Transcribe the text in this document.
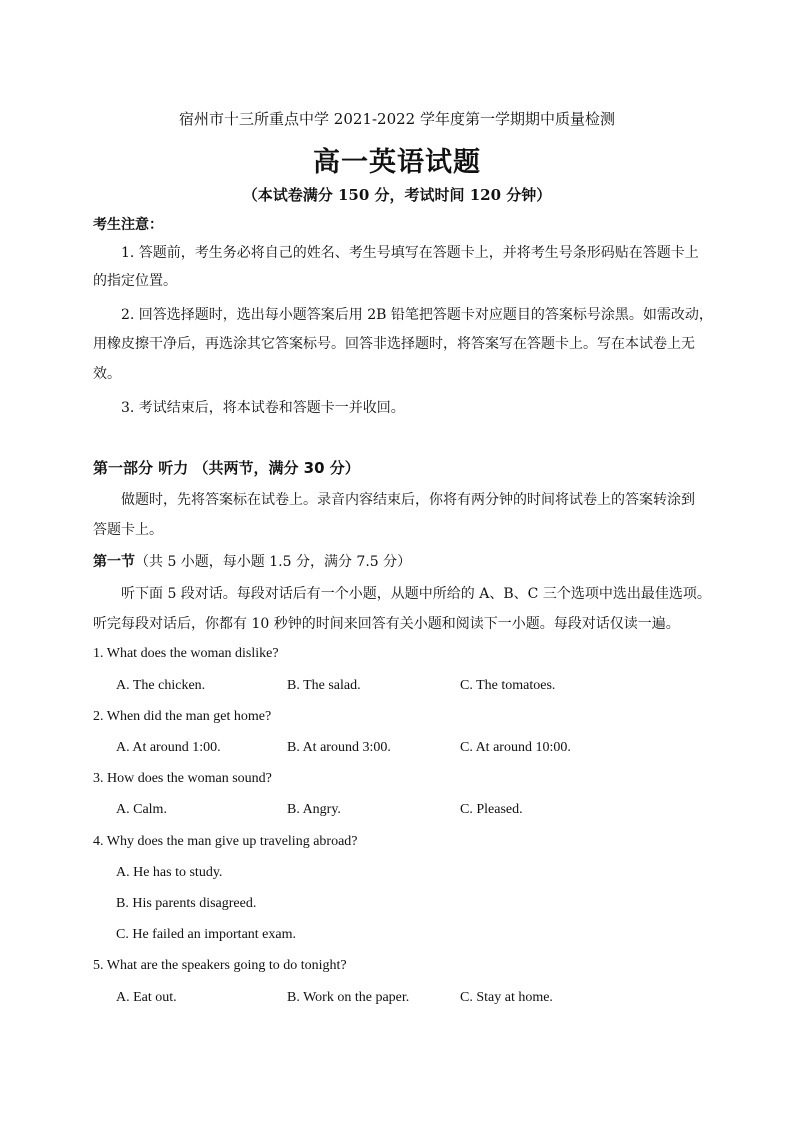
宿州市十三所重点中学 2021-2022 学年度第一学期期中质量检测
高一英语试题
（本试卷满分 150 分，考试时间 120 分钟）
考生注意：
1. 答题前，考生务必将自己的姓名、考生号填写在答题卡上，并将考生号条形码贴在答题卡上
的指定位置。
2. 回答选择题时，选出每小题答案后用 2B 铅笔把答题卡对应题目的答案标号涂黑。如需改动，
用橡皮擦干净后，再选涂其它答案标号。回答非选择题时，将答案写在答题卡上。写在本试卷上无
效。
3. 考试结束后，将本试卷和答题卡一并收回。
第一部分 听力 （共两节，满分 30 分）
做题时，先将答案标在试卷上。录音内容结束后，你将有两分钟的时间将试卷上的答案转涂到
答题卡上。
第一节（共 5 小题，每小题 1.5 分，满分 7.5 分）
听下面 5 段对话。每段对话后有一个小题，从题中所给的 A、B、C 三个选项中选出最佳选项。
听完每段对话后，你都有 10 秒钟的时间来回答有关小题和阅读下一小题。每段对话仅读一遍。
1. What does the woman dislike?
A. The chicken.	B. The salad.	C. The tomatoes.
2. When did the man get home?
A. At around 1:00.	B. At around 3:00.	C. At around 10:00.
3. How does the woman sound?
A. Calm.	B. Angry.	C. Pleased.
4. Why does the man give up traveling abroad?
A. He has to study.
B. His parents disagreed.
C. He failed an important exam.
5. What are the speakers going to do tonight?
A. Eat out.	B. Work on the paper.	C. Stay at home.
